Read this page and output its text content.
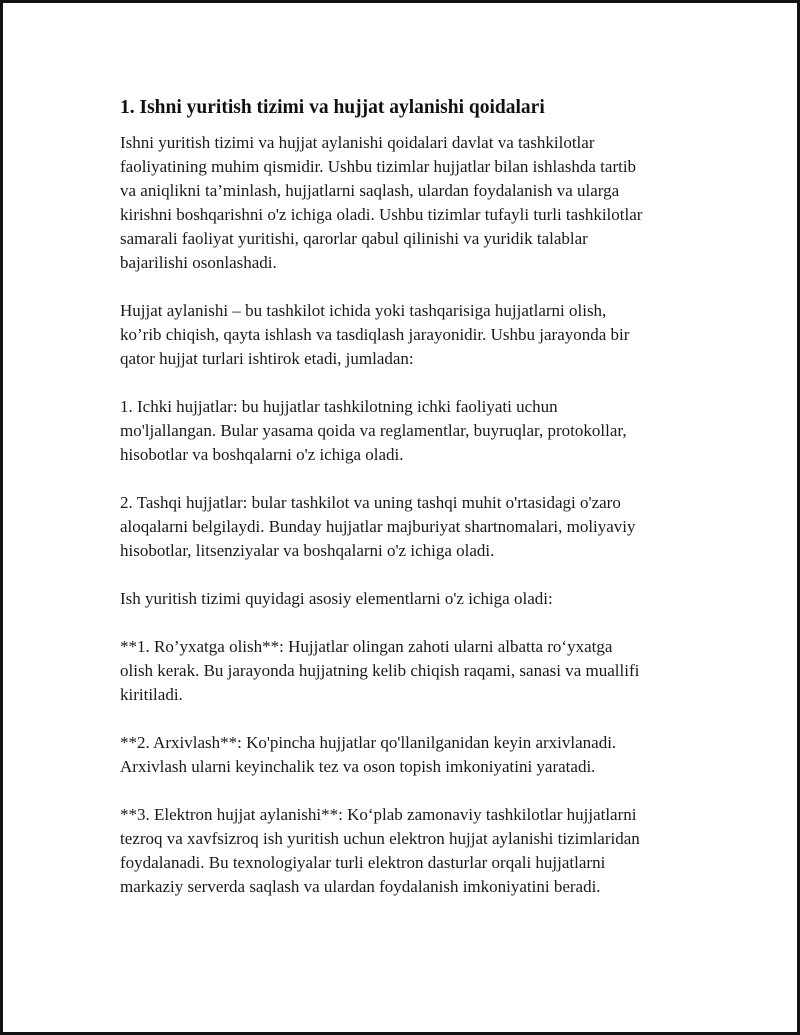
1. Ishni yuritish tizimi va hujjat aylanishi qoidalari

Ishni yuritish tizimi va hujjat aylanishi qoidalari davlat va tashkilotlar
faoliyatining muhim qismidir. Ushbu tizimlar hujjatlar bilan ishlashda tartib
va aniqlikni ta’minlash, hujjatlarni saqlash, ulardan foydalanish va ularga
kirishni boshqarishni o'z ichiga oladi. Ushbu tizimlar tufayli turli tashkilotlar
samarali faoliyat yuritishi, qarorlar qabul qilinishi va yuridik talablar
bajarilishi osonlashadi.

Hujjat aylanishi – bu tashkilot ichida yoki tashqarisiga hujjatlarni olish,
ko’rib chiqish, qayta ishlash va tasdiqlash jarayonidir. Ushbu jarayonda bir
qator hujjat turlari ishtirok etadi, jumladan:

1. Ichki hujjatlar: bu hujjatlar tashkilotning ichki faoliyati uchun
mo'ljallangan. Bular yasama qoida va reglamentlar, buyruqlar, protokollar,
hisobotlar va boshqalarni o'z ichiga oladi.

2. Tashqi hujjatlar: bular tashkilot va uning tashqi muhit o'rtasidagi o'zaro
aloqalarni belgilaydi. Bunday hujjatlar majburiyat shartnomalari, moliyaviy
hisobotlar, litsenziyalar va boshqalarni o'z ichiga oladi.

Ish yuritish tizimi quyidagi asosiy elementlarni o'z ichiga oladi:

**1. Ro’yxatga olish**: Hujjatlar olingan zahoti ularni albatta ro‘yxatga
olish kerak. Bu jarayonda hujjatning kelib chiqish raqami, sanasi va muallifi
kiritiladi.

**2. Arxivlash**: Ko'pincha hujjatlar qo'llanilganidan keyin arxivlanadi.
Arxivlash ularni keyinchalik tez va oson topish imkoniyatini yaratadi.

**3. Elektron hujjat aylanishi**: Ko‘plab zamonaviy tashkilotlar hujjatlarni
tezroq va xavfsizroq ish yuritish uchun elektron hujjat aylanishi tizimlaridan
foydalanadi. Bu texnologiyalar turli elektron dasturlar orqali hujjatlarni
markaziy serverda saqlash va ulardan foydalanish imkoniyatini beradi.
